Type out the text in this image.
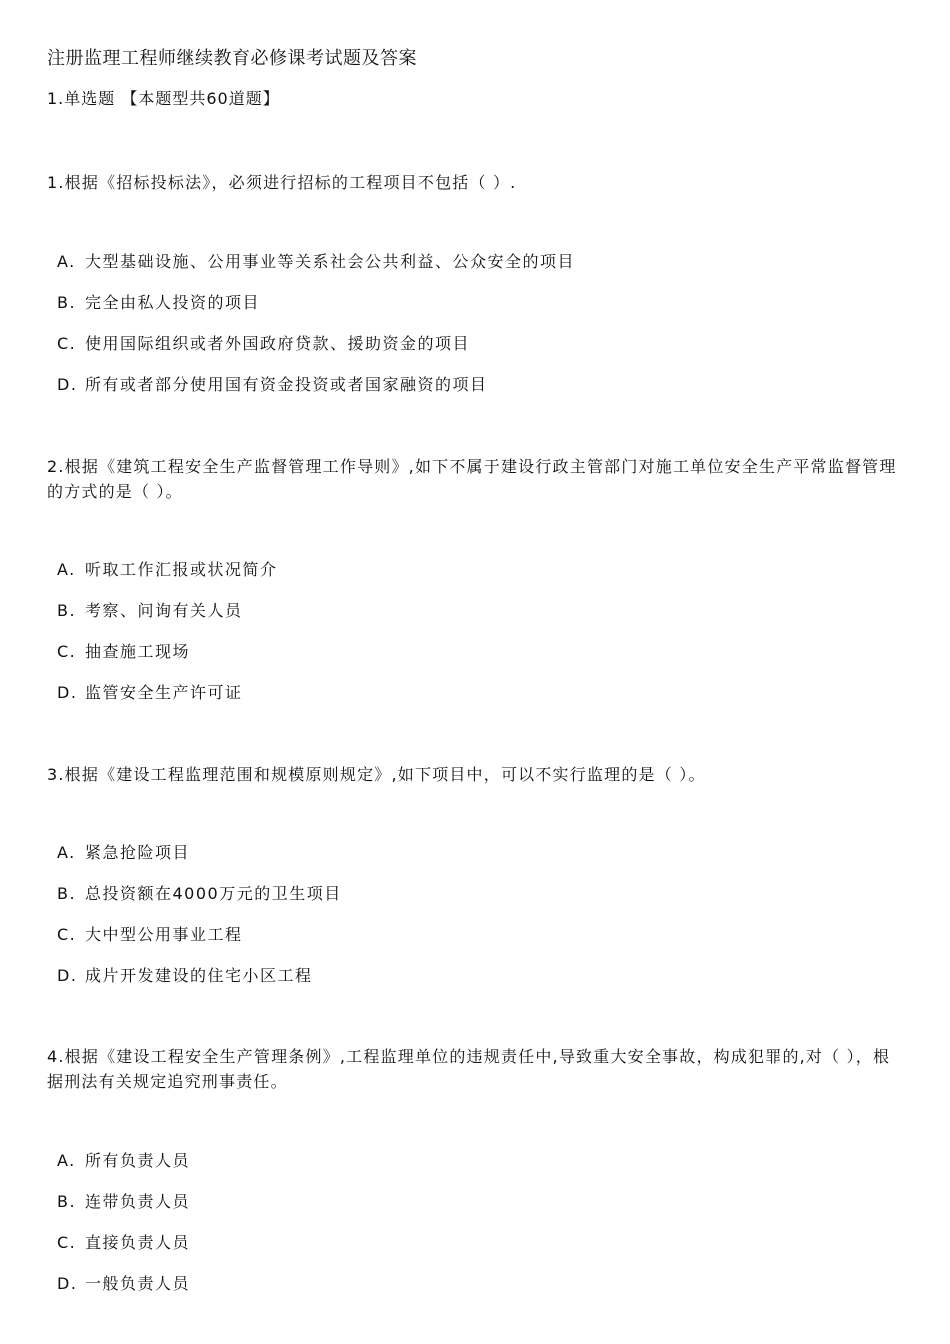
注册监理工程师继续教育必修课考试题及答案
1.单选题 【本题型共60道题】

1.根据《招标投标法》，必须进行招标的工程项目不包括（ ）.

A. 大型基础设施、公用事业等关系社会公共利益、公众安全的项目
B. 完全由私人投资的项目
C. 使用国际组织或者外国政府贷款、援助资金的项目
D. 所有或者部分使用国有资金投资或者国家融资的项目

2.根据《建筑工程安全生产监督管理工作导则》,如下不属于建设行政主管部门对施工单位安全生产平常监督管理的方式的是（ ）。

A. 听取工作汇报或状况简介
B. 考察、问询有关人员
C. 抽查施工现场
D. 监管安全生产许可证

3.根据《建设工程监理范围和规模原则规定》,如下项目中，可以不实行监理的是（ ）。

A. 紧急抢险项目
B. 总投资额在4000万元的卫生项目
C. 大中型公用事业工程
D. 成片开发建设的住宅小区工程

4.根据《建设工程安全生产管理条例》,工程监理单位的违规责任中,导致重大安全事故，构成犯罪的,对（ ），根据刑法有关规定追究刑事责任。

A. 所有负责人员
B. 连带负责人员
C. 直接负责人员
D. 一般负责人员
